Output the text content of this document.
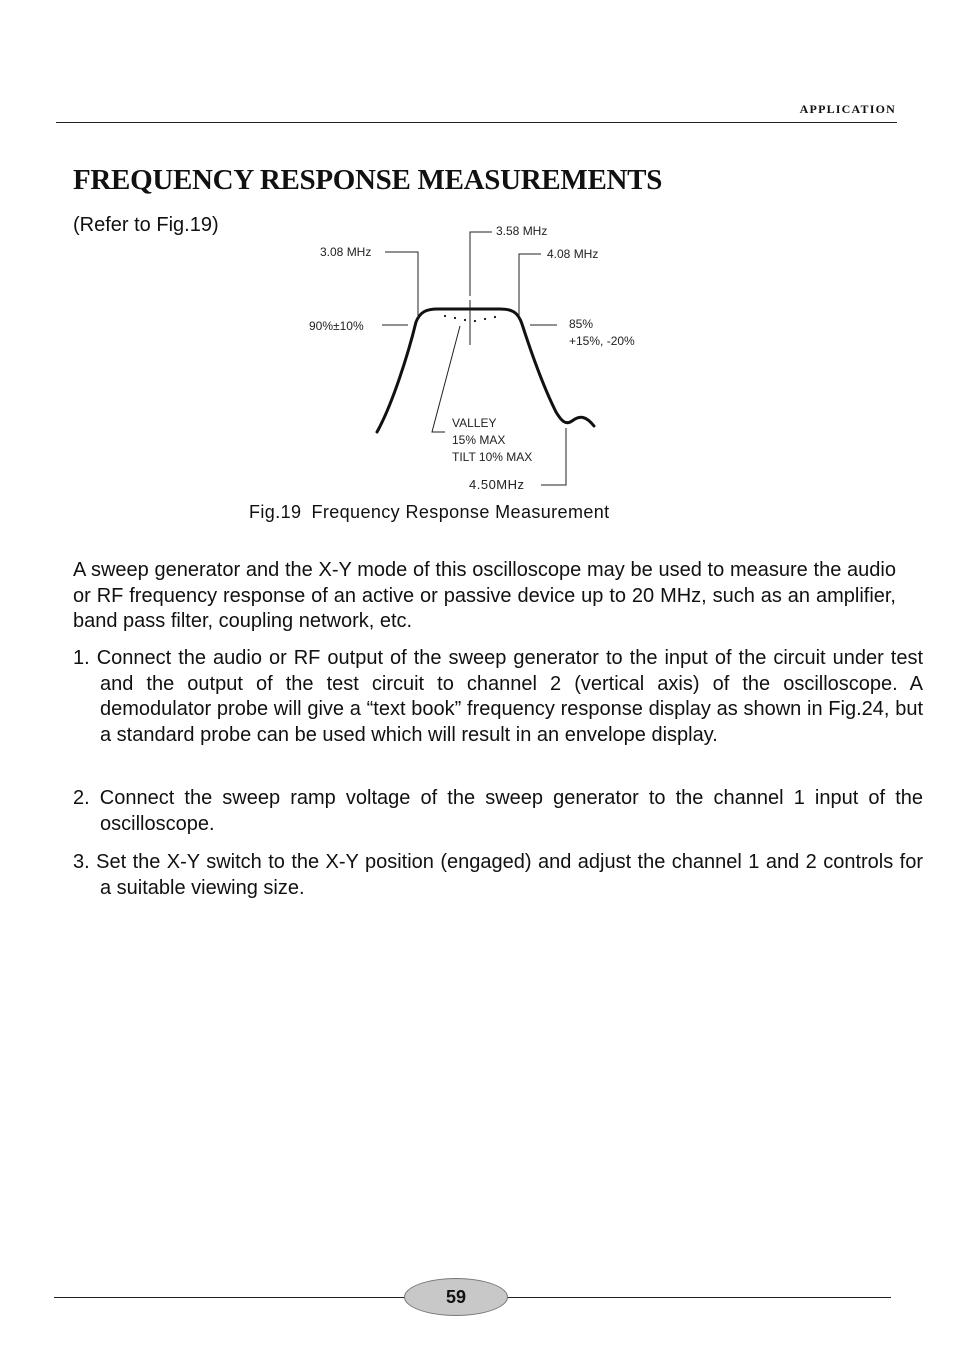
APPLICATION
FREQUENCY RESPONSE MEASUREMENTS
(Refer to Fig.19)
3.08 MHz
3.58 MHz
4.08 MHz
90%±10%	85%
+15%, -20%
VALLEY
15% MAX
TILT 10% MAX
4.50MHz
Fig.19 Frequency Response Measurement

A sweep generator and the X-Y mode of this oscilloscope may be used to measure the audio or RF frequency response of an active or passive device up to 20 MHz, such as an amplifier, band pass filter, coupling network, etc.

1. Connect the audio or RF output of the sweep generator to the input of the circuit under test and the output of the test circuit to channel 2 (vertical axis) of the oscilloscope. A demodulator probe will give a “text book” frequency response display as shown in Fig.24, but a standard probe can be used which will result in an envelope display.

2. Connect the sweep ramp voltage of the sweep generator to the channel 1 input of the oscilloscope.

3. Set the X-Y switch to the X-Y position (engaged) and adjust the channel 1 and 2 controls for a suitable viewing size.

59
